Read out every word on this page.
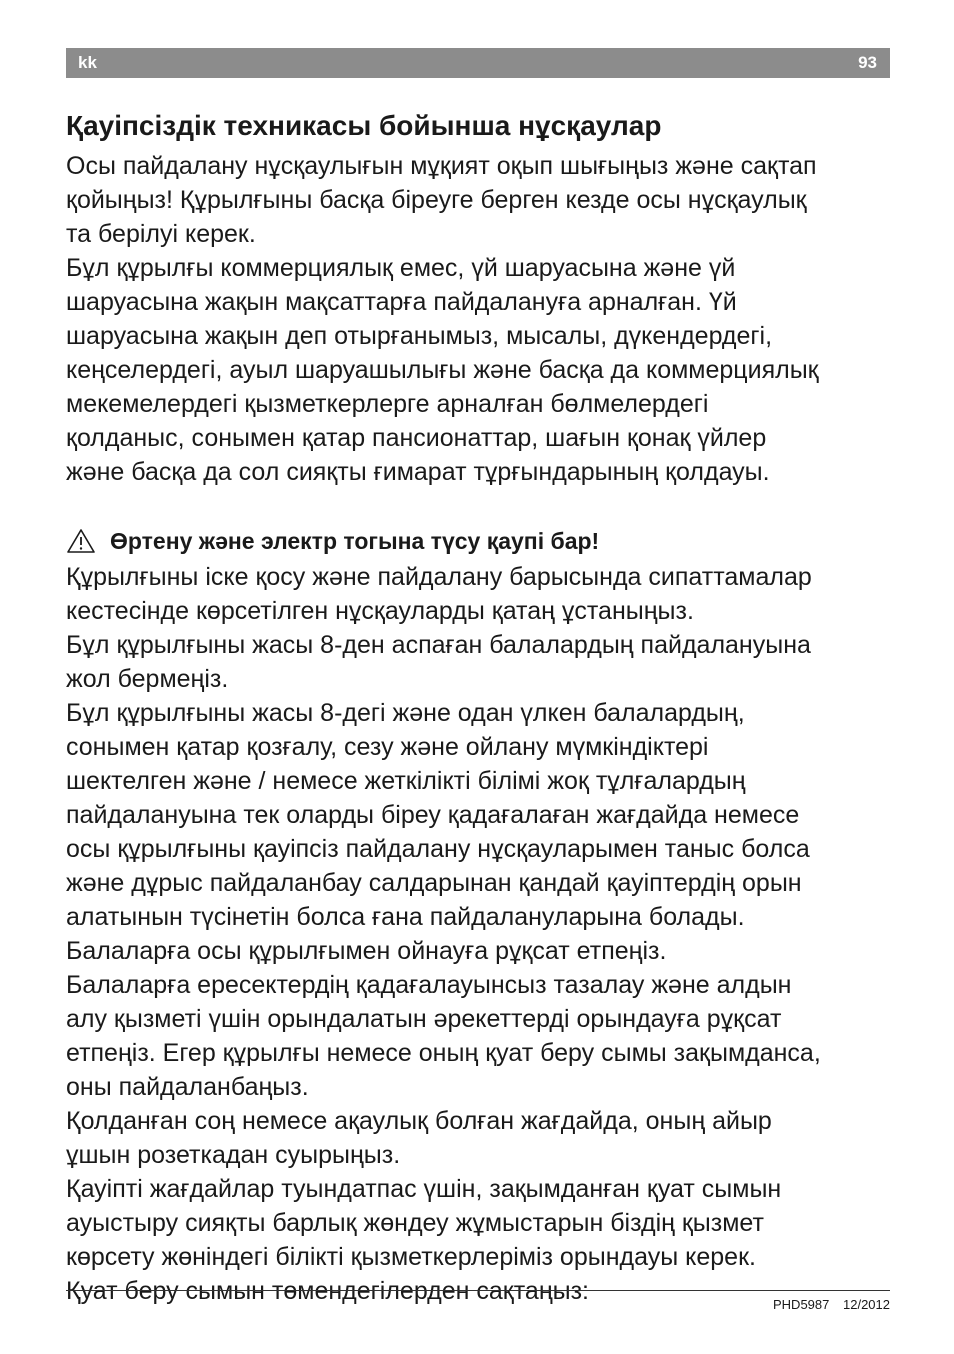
kk	93
Қауіпсіздік техникасы бойынша нұсқаулар
Осы пайдалану нұсқаулығын мұқият оқып шығыңыз және сақтап
қойыңыз! Құрылғыны басқа біреуге берген кезде осы нұсқаулық
та берілуі керек.
Бұл құрылғы коммерциялық емес, үй шаруасына және үй
шаруасына жақын мақсаттарға пайдалануға арналған. Үй
шаруасына жақын деп отырғанымыз, мысалы, дүкендердегі,
кеңселердегі, ауыл шаруашылығы және басқа да коммерциялық
мекемелердегі қызметкерлерге арналған бөлмелердегі
қолданыс, сонымен қатар пансионаттар, шағын қонақ үйлер
және басқа да сол сияқты ғимарат тұрғындарының қолдауы.
Өртену және электр тогына түсу қаупі бар!
Құрылғыны іске қосу және пайдалану барысында сипаттамалар
кестесінде көрсетілген нұсқауларды қатаң ұстаныңыз.
Бұл құрылғыны жасы 8-ден аспаған балалардың пайдалануына
жол бермеңіз.
Бұл құрылғыны жасы 8-дегі және одан үлкен балалардың,
сонымен қатар қозғалу, сезу және ойлану мүмкіндіктері
шектелген және / немесе жеткілікті білімі жоқ тұлғалардың
пайдалануына тек оларды біреу қадағалаған жағдайда немесе
осы құрылғыны қауіпсіз пайдалану нұсқауларымен таныс болса
және дұрыс пайдаланбау салдарынан қандай қауіптердің орын
алатынын түсінетін болса ғана пайдалануларына болады.
Балаларға осы құрылғымен ойнауға рұқсат етпеңіз.
Балаларға ересектердің қадағалауынсыз тазалау және алдын
алу қызметі үшін орындалатын әрекеттерді орындауға рұқсат
етпеңіз. Егер құрылғы немесе оның қуат беру сымы зақымданса,
оны пайдаланбаңыз.
Қолданған соң немесе ақаулық болған жағдайда, оның айыр
ұшын розеткадан суырыңыз.
Қауіпті жағдайлар туындатпас үшін, зақымданған қуат сымын
ауыстыру сияқты барлық жөндеу жұмыстарын біздің қызмет
көрсету жөніндегі білікті қызметкерлеріміз орындауы керек.
Қуат беру сымын төмендегілерден сақтаңыз:	PHD5987 12/2012
